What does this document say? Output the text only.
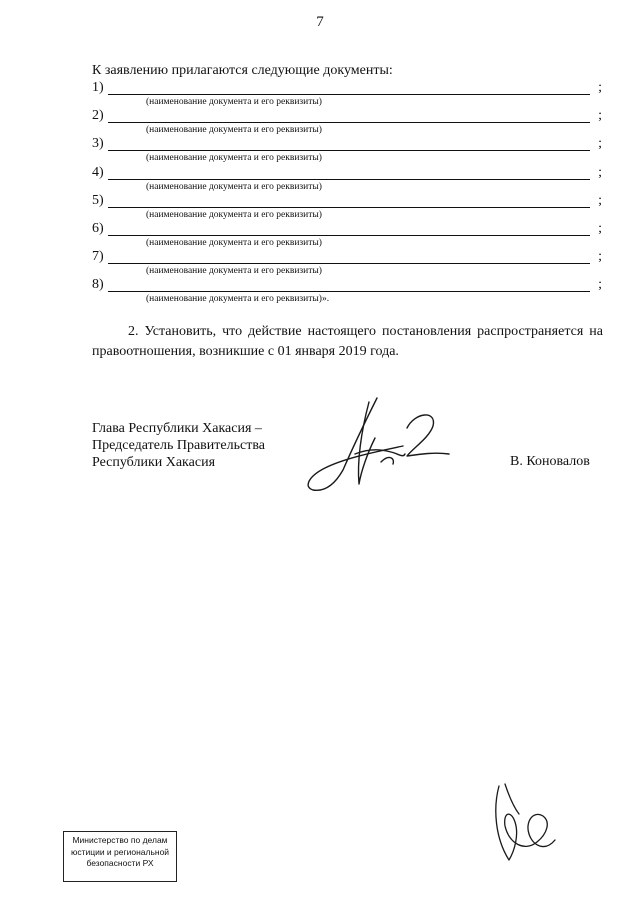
7
К заявлению прилагаются следующие документы:
1)	;
(наименование документа и его реквизиты)
2)	;
(наименование документа и его реквизиты)
3)	;
(наименование документа и его реквизиты)
4)	;
(наименование документа и его реквизиты)
5)	;
(наименование документа и его реквизиты)
6)	;
(наименование документа и его реквизиты)
7)	;
(наименование документа и его реквизиты)
8)	;
(наименование документа и его реквизиты)».
2. Установить, что действие настоящего постановления распространяется на правоотношения, возникшие с 01 января 2019 года.
Глава Республики Хакасия –
Председатель Правительства
Республики Хакасия	В. Коновалов
Министерство по делам
юстиции и региональной
безопасности РХ
